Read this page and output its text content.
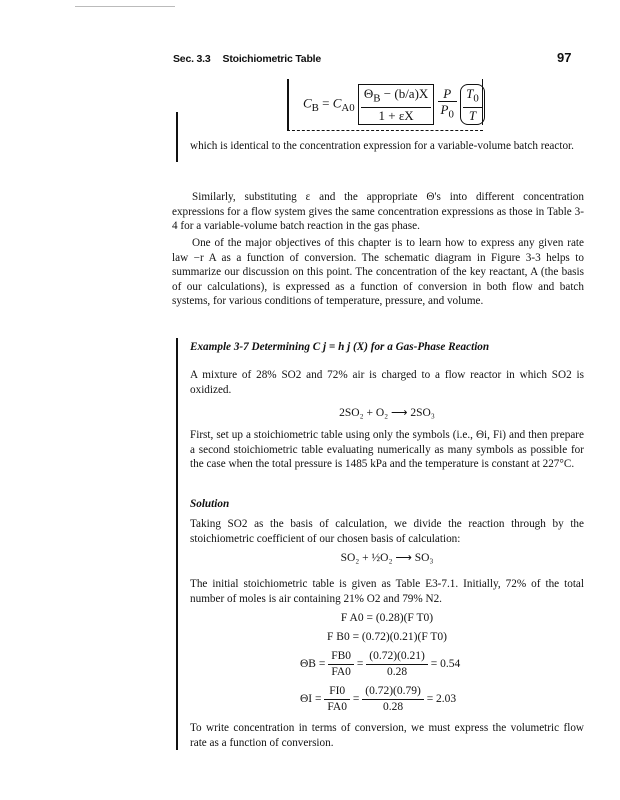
Sec. 3.3 Stoichiometric Table	97
$C_B = C_{A0} \frac{\Theta_B - (b/a)X}{1 + \varepsilon X}$
$\frac{P}{P_0}$
$\frac{T_0}{T}$
which is identical to the concentration expression for a variable-volume batch reactor.
Similarly, substituting ε and the appropriate Θ's into different concentration expressions for a flow system gives the same concentration expressions as those in Table 3-4 for a variable-volume batch reaction in the gas phase.
One of the major objectives of this chapter is to learn how to express any given rate law −r A as a function of conversion. The schematic diagram in Figure 3-3 helps to summarize our discussion on this point. The concentration of the key reactant, A (the basis of our calculations), is expressed as a function of conversion in both flow and batch systems, for various conditions of temperature, pressure, and volume.
Example 3-7 Determining C j = h j (X) for a Gas-Phase Reaction
A mixture of 28% SO2 and 72% air is charged to a flow reactor in which SO2 is oxidized.
2SO₂ + O₂ ⟶ 2SO₃
First, set up a stoichiometric table using only the symbols (i.e., Θi, Fi) and then prepare a second stoichiometric table evaluating numerically as many symbols as possible for the case when the total pressure is 1485 kPa and the temperature is constant at 227°C.
Solution
Taking SO2 as the basis of calculation, we divide the reaction through by the stoichiometric coefficient of our chosen basis of calculation:
SO₂ + ½O₂ ⟶ SO₃
The initial stoichiometric table is given as Table E3-7.1. Initially, 72% of the total number of moles is air containing 21% O2 and 79% N2.
F A0 = (0.28)(F T0)
F B0 = (0.72)(0.21)(F T0)
$\Theta B = \frac{FB0}{FA0} = \frac{(0.72)(0.21)}{0.28} = 0.54$
$\Theta I = \frac{FI0}{FA0} = \frac{(0.72)(0.79)}{0.28} = 2.03$
To write concentration in terms of conversion, we must express the volumetric flow rate as a function of conversion.
